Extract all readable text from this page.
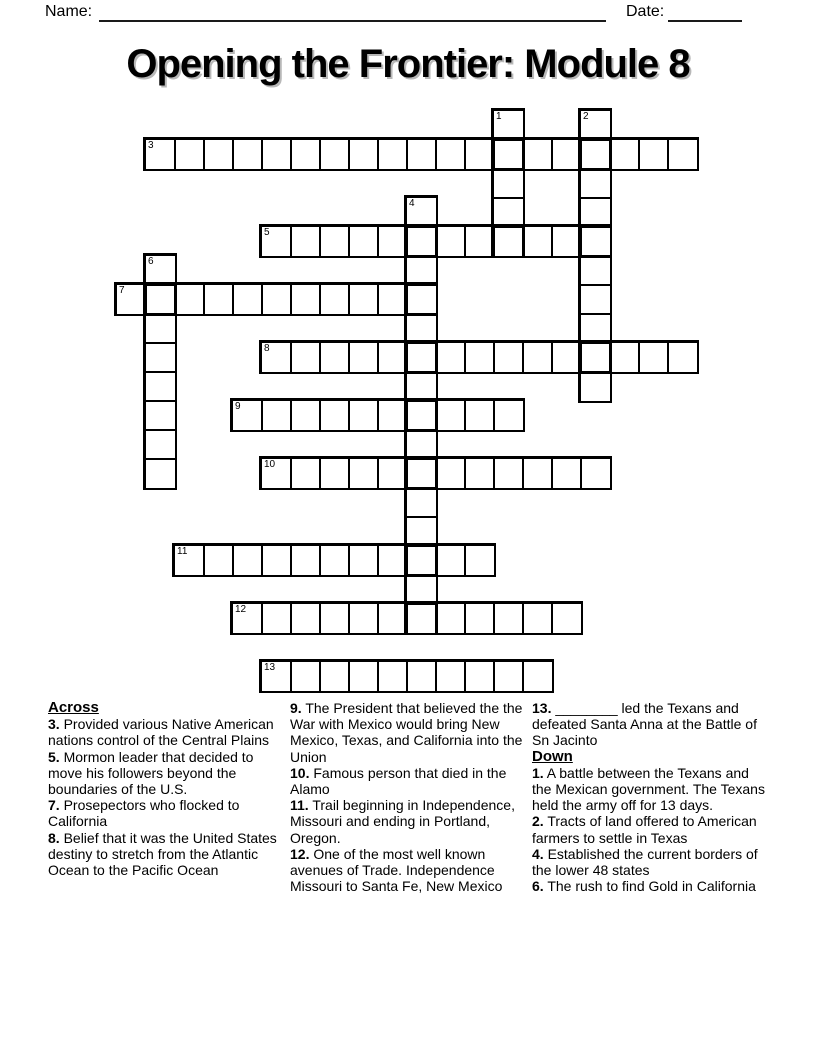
Name:	Date:
Opening the Frontier: Module 8
1	2
3
4
5
6
7
8
9
10
11
12
13
Across
3. Provided various Native American nations control of the Central Plains
5. Mormon leader that decided to move his followers beyond the boundaries of the U.S.
7. Prosepectors who flocked to California
8. Belief that it was the United States destiny to stretch from the Atlantic Ocean to the Pacific Ocean
9. The President that believed the the War with Mexico would bring New Mexico, Texas, and California into the Union
10. Famous person that died in the Alamo
11. Trail beginning in Independence, Missouri and ending in Portland, Oregon.
12. One of the most well known avenues of Trade. Independence Missouri to Santa Fe, New Mexico
13. ________ led the Texans and defeated Santa Anna at the Battle of Sn Jacinto
Down
1. A battle between the Texans and the Mexican government. The Texans held the army off for 13 days.
2. Tracts of land offered to American farmers to settle in Texas
4. Established the current borders of the lower 48 states
6. The rush to find Gold in California
